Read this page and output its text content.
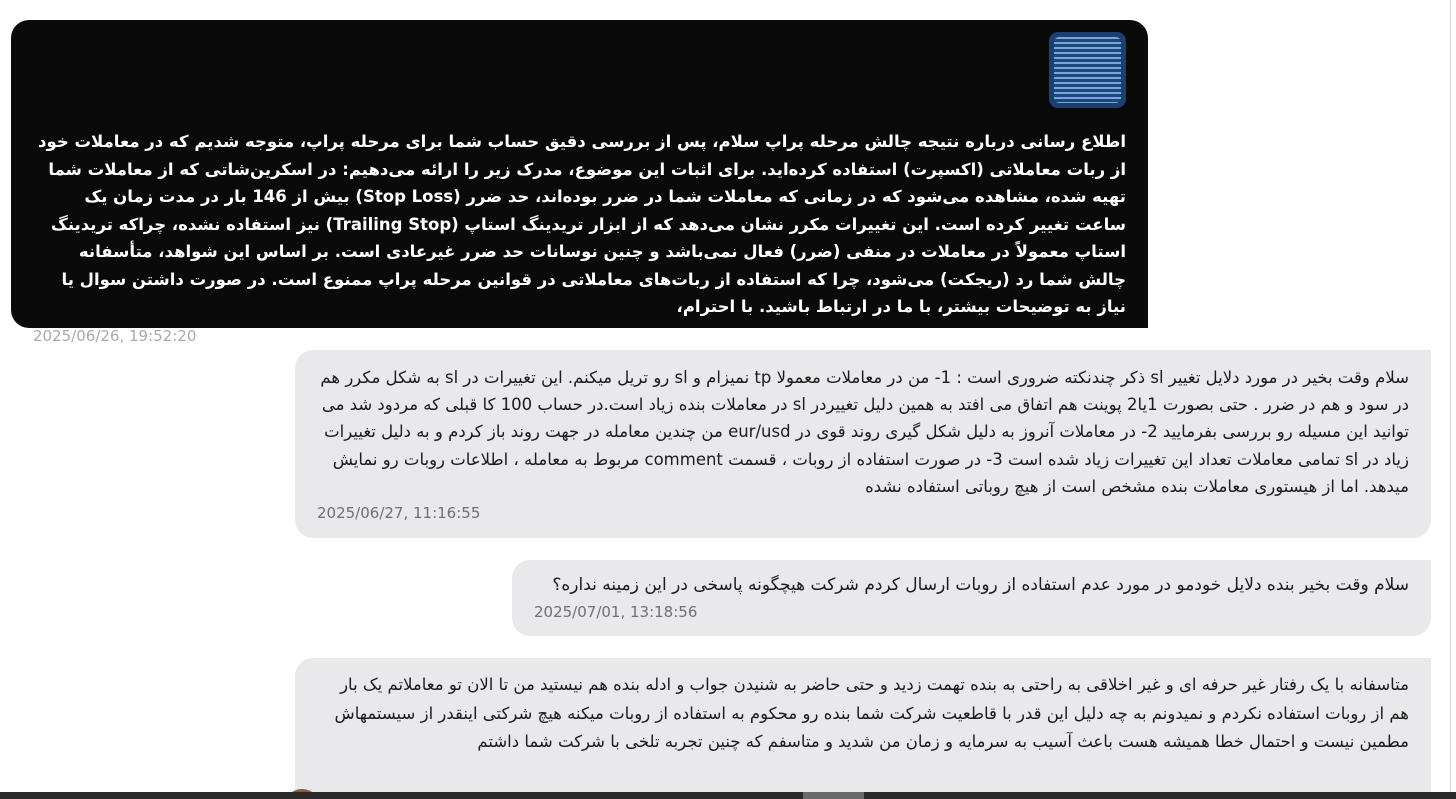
اطلاع رسانی درباره نتیجه چالش مرحله پراپ سلام، پس از بررسی دقیق حساب شما برای مرحله پراپ، متوجه شدیم که در معاملات خود از ربات معاملاتی (اکسپرت) استفاده کرده‌اید. برای اثبات این موضوع، مدرک زیر را ارائه می‌دهیم: در اسکرین‌شاتی که از معاملات شما تهیه شده، مشاهده می‌شود که در زمانی که معاملات شما در ضرر بوده‌اند، حد ضرر (Stop Loss) بیش از 146 بار در مدت زمان یک ساعت تغییر کرده است. این تغییرات مکرر نشان می‌دهد که از ابزار تریدینگ استاپ (Trailing Stop) نیز استفاده نشده، چراکه تریدینگ استاپ معمولاً در معاملات در منفی (ضرر) فعال نمی‌باشد و چنین نوسانات حد ضرر غیرعادی است. بر اساس این شواهد، متأسفانه چالش شما رد (ریجکت) می‌شود، چرا که استفاده از ربات‌های معاملاتی در قوانین مرحله پراپ ممنوع است. در صورت داشتن سوال یا نیاز به توضیحات بیشتر، با ما در ارتباط باشید. با احترام،
2025/06/26, 19:52:20
سلام وقت بخیر در مورد دلایل تغییر sl ذکر چندنکته ضروری است : 1- من در معاملات معمولا tp نمیزام و sl رو تریل میکنم. این تغییرات در sl به شکل مکرر هم در سود و هم در ضرر . حتی بصورت 1یا2 پوینت هم اتفاق می افتد به همین دلیل تغییردر sl در معاملات بنده زیاد است.در حساب 100 کا قبلی که مردود شد می توانید این مسیله رو بررسی بفرمایید 2- در معاملات آنروز به دلیل شکل گیری روند قوی در eur/usd من چندین معامله در جهت روند باز کردم و به دلیل تغییرات زیاد در sl تمامی معاملات تعداد این تغییرات زیاد شده است 3- در صورت استفاده از روبات ، قسمت comment مربوط به معامله ، اطلاعات روبات رو نمایش میدهد. اما از هیستوری معاملات بنده مشخص است از هیچ روباتی استفاده نشده
2025/06/27, 11:16:55
سلام وقت بخیر بنده دلایل خودمو در مورد عدم استفاده از روبات ارسال کردم شرکت هیچگونه پاسخی در این زمینه نداره؟
2025/07/01, 13:18:56
متاسفانه با یک رفتار غیر حرفه ای و غیر اخلاقی به راحتی به بنده تهمت زدید و حتی حاضر به شنیدن جواب و ادله بنده هم نیستید من تا الان تو معاملاتم یک بار هم از روبات استفاده نکردم و نمیدونم به چه دلیل این قدر با قاطعیت شرکت شما بنده رو محکوم به استفاده از روبات میکنه هیچ شرکتی اینقدر از سیستمهاش مطمین نیست و احتمال خطا همیشه هست باعث آسیب به سرمایه و زمان من شدید و متاسفم که چنین تجربه تلخی با شرکت شما داشتم
